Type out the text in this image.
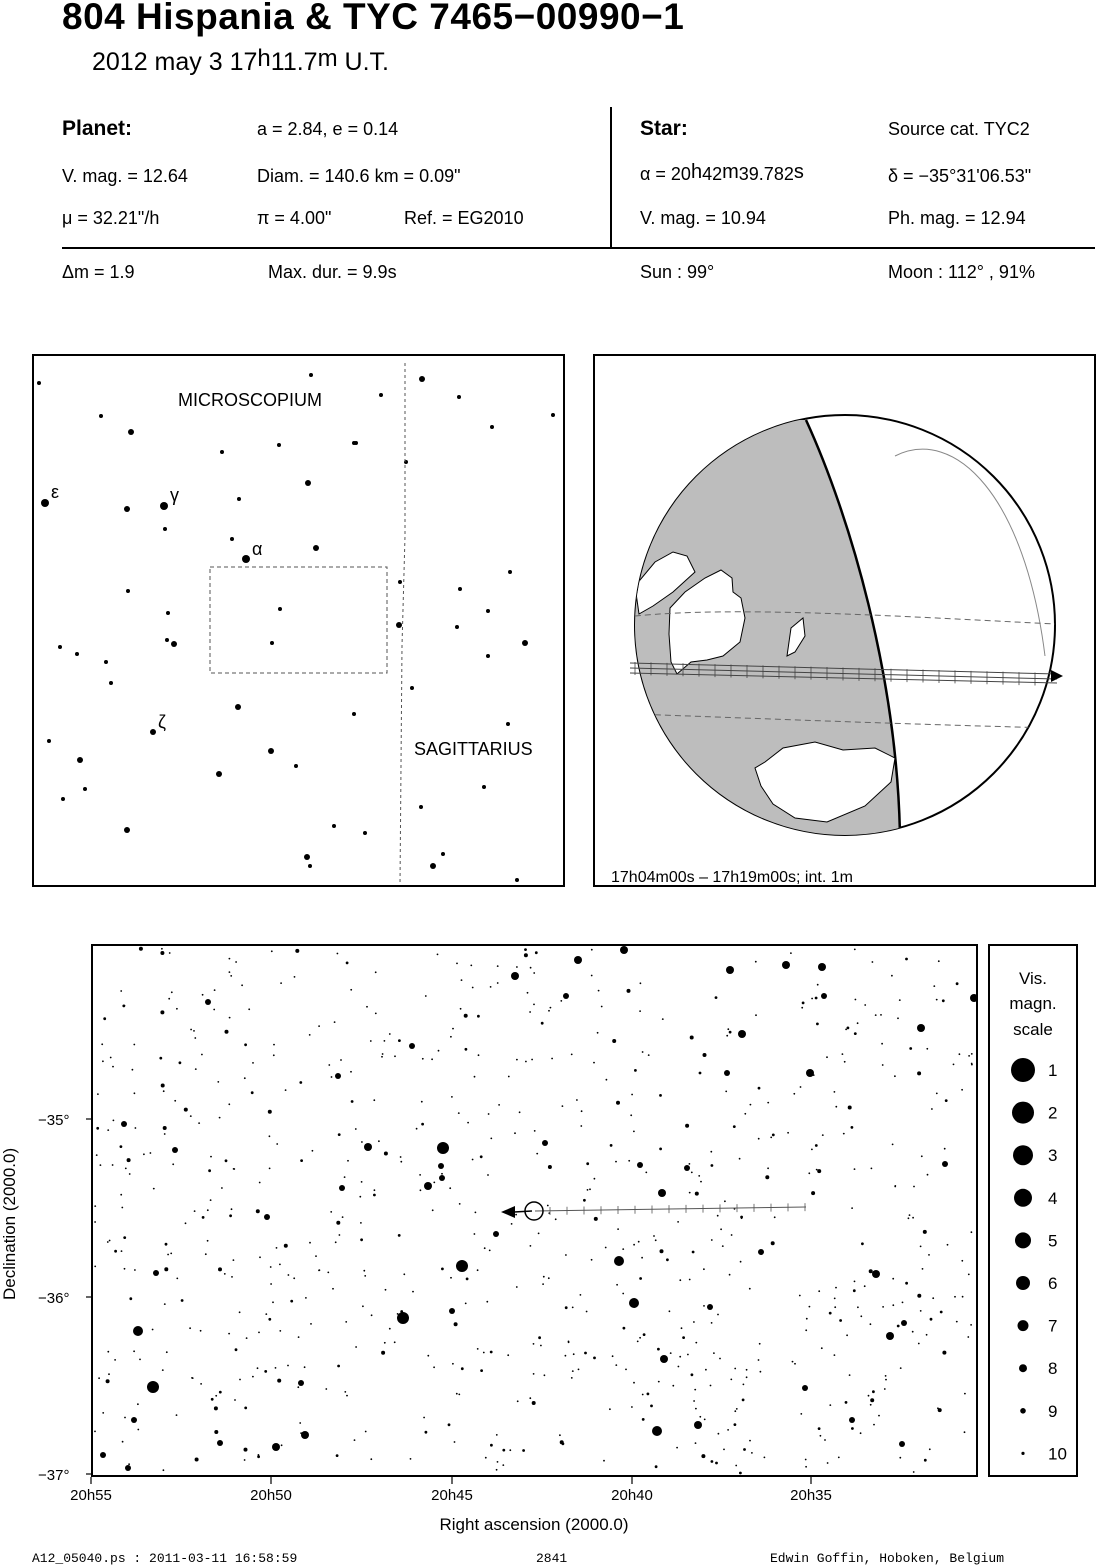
804 Hispania & TYC 7465−00990−1
2012 may 3 17$^h$11.7$^m$ U.T.
Planet:	a = 2.84, e = 0.14
V. mag. = 12.64	Diam. = 140.6 km = 0.09"
μ = 32.21"/h	π = 4.00"	Ref. = EG2010
Star:	Source cat. TYC2
$\alpha = 20^h42^m39.782^s$	δ = −35°31'06.53"
V. mag. = 10.94	Ph. mag. = 12.94
Δm = 1.9	Max. dur. = 9.9s	Sun : 99°	Moon : 112° , 91%
MICROSCOPIUM
SAGITTARIUS
ε	γ
α
ζ
17h04m00s – 17h19m00s; int. 1m
−35°
−36°
−37°
Declination (2000.0)
20h55	20h50	20h45	20h40	20h35
Right ascension (2000.0)
Vis.
magn.
scale
1
2
3
4
5
6
7
8
9
10
A12_05040.ps : 2011-03-11 16:58:59	2841	Edwin Goffin, Hoboken, Belgium
